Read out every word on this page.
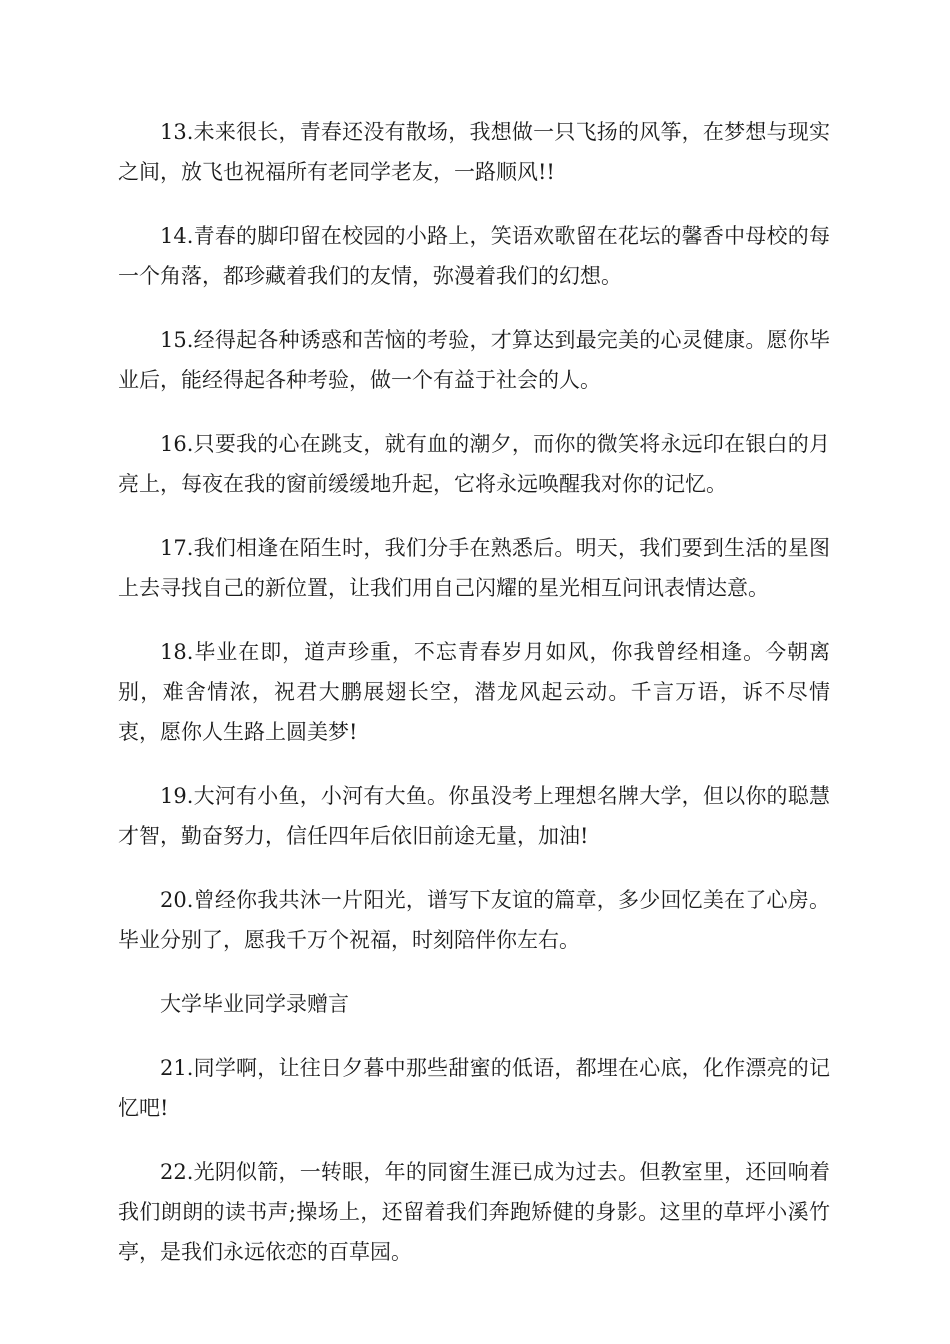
13.未来很长，青春还没有散场，我想做一只飞扬的风筝，在梦想与现实之间，放飞也祝福所有老同学老友，一路顺风!!

14.青春的脚印留在校园的小路上，笑语欢歌留在花坛的馨香中母校的每一个角落，都珍藏着我们的友情，弥漫着我们的幻想。

15.经得起各种诱惑和苦恼的考验，才算达到最完美的心灵健康。愿你毕业后，能经得起各种考验，做一个有益于社会的人。

16.只要我的心在跳支，就有血的潮夕，而你的微笑将永远印在银白的月亮上，每夜在我的窗前缓缓地升起，它将永远唤醒我对你的记忆。

17.我们相逢在陌生时，我们分手在熟悉后。明天，我们要到生活的星图上去寻找自己的新位置，让我们用自己闪耀的星光相互问讯表情达意。

18.毕业在即，道声珍重，不忘青春岁月如风，你我曾经相逢。今朝离别，难舍情浓，祝君大鹏展翅长空，潜龙风起云动。千言万语，诉不尽情衷，愿你人生路上圆美梦!

19.大河有小鱼，小河有大鱼。你虽没考上理想名牌大学，但以你的聪慧才智，勤奋努力，信任四年后依旧前途无量，加油!

20.曾经你我共沐一片阳光，谱写下友谊的篇章，多少回忆美在了心房。毕业分别了，愿我千万个祝福，时刻陪伴你左右。

大学毕业同学录赠言

21.同学啊，让往日夕暮中那些甜蜜的低语，都埋在心底，化作漂亮的记忆吧!

22.光阴似箭，一转眼，年的同窗生涯已成为过去。但教室里，还回响着我们朗朗的读书声;操场上，还留着我们奔跑矫健的身影。这里的草坪小溪竹亭，是我们永远依恋的百草园。
